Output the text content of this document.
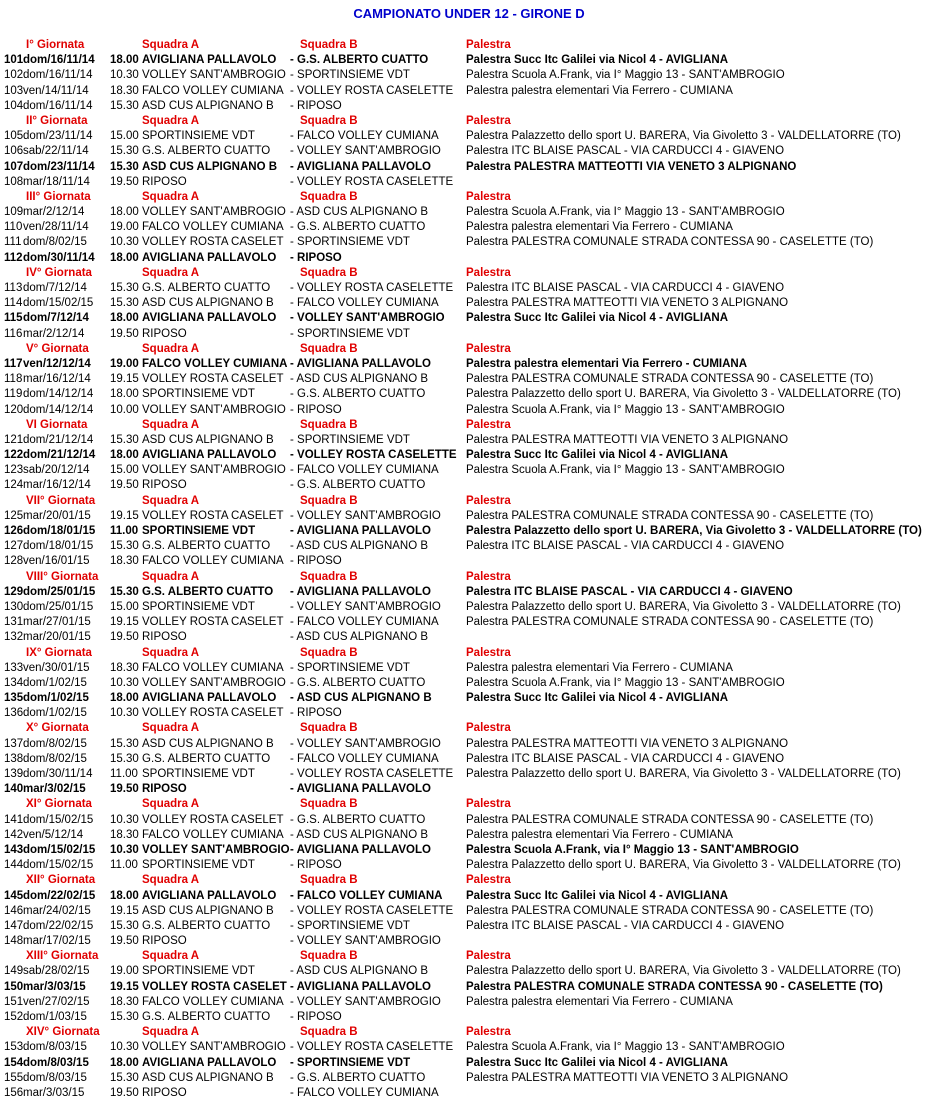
CAMPIONATO UNDER 12 - GIRONE D
I° Giornata	Squadra A	Squadra B	Palestra
101 dom/16/11/14 18.00 AVIGLIANA PALLAVOLO - G.S. ALBERTO CUATTO	Palestra Succ Itc Galilei via Nicol 4 - AVIGLIANA
102 dom/16/11/14 10.30 VOLLEY SANT'AMBROGIO - SPORTINSIEME VDT	Palestra Scuola A.Frank, via I° Maggio 13 - SANT'AMBROGIO
103 ven/14/11/14 18.30 FALCO VOLLEY CUMIANA - VOLLEY ROSTA CASELETTE Palestra palestra elementari Via Ferrero - CUMIANA
104 dom/16/11/14 15.30 ASD CUS ALPIGNANO B - RIPOSO
II° Giornata	Squadra A	Squadra B	Palestra
105 dom/23/11/14 15.00 SPORTINSIEME VDT	- FALCO VOLLEY CUMIANA Palestra Palazzetto dello sport U. BARERA, Via Givoletto 3 - VALDELLATORRE (TO)
106 sab/22/11/14 15.30 G.S. ALBERTO CUATTO - VOLLEY SANT'AMBROGIO Palestra ITC BLAISE PASCAL - VIA CARDUCCI 4 - GIAVENO
107 dom/23/11/14 15.30 ASD CUS ALPIGNANO B - AVIGLIANA PALLAVOLO	Palestra PALESTRA MATTEOTTI VIA VENETO 3 ALPIGNANO
108 mar/18/11/14 19.50 RIPOSO	- VOLLEY ROSTA CASELETTE
III° Giornata	Squadra A	Squadra B	Palestra
109 mar/2/12/14 18.00 VOLLEY SANT'AMBROGIO - ASD CUS ALPIGNANO B	Palestra Scuola A.Frank, via I° Maggio 13 - SANT'AMBROGIO
110 ven/28/11/14 19.00 FALCO VOLLEY CUMIANA - G.S. ALBERTO CUATTO	Palestra palestra elementari Via Ferrero - CUMIANA
111 dom/8/02/15 10.30 VOLLEY ROSTA CASELET - SPORTINSIEME VDT	Palestra PALESTRA COMUNALE STRADA CONTESSA 90 - CASELETTE (TO)
112 dom/30/11/14 18.00 AVIGLIANA PALLAVOLO - RIPOSO
IV° Giornata	Squadra A	Squadra B	Palestra
113 dom/7/12/14 15.30 G.S. ALBERTO CUATTO - VOLLEY ROSTA CASELETTE Palestra ITC BLAISE PASCAL - VIA CARDUCCI 4 - GIAVENO
114 dom/15/02/15 15.30 ASD CUS ALPIGNANO B - FALCO VOLLEY CUMIANA Palestra PALESTRA MATTEOTTI VIA VENETO 3 ALPIGNANO
115 dom/7/12/14 18.00 AVIGLIANA PALLAVOLO - VOLLEY SANT'AMBROGIO Palestra Succ Itc Galilei via Nicol 4 - AVIGLIANA
116 mar/2/12/14 19.50 RIPOSO	- SPORTINSIEME VDT
V° Giornata	Squadra A	Squadra B	Palestra
117 ven/12/12/14 19.00 FALCO VOLLEY CUMIANA - AVIGLIANA PALLAVOLO	Palestra palestra elementari Via Ferrero - CUMIANA
118 mar/16/12/14 19.15 VOLLEY ROSTA CASELET - ASD CUS ALPIGNANO B	Palestra PALESTRA COMUNALE STRADA CONTESSA 90 - CASELETTE (TO)
119 dom/14/12/14 18.00 SPORTINSIEME VDT	- G.S. ALBERTO CUATTO	Palestra Palazzetto dello sport U. BARERA, Via Givoletto 3 - VALDELLATORRE (TO)
120 dom/14/12/14 10.00 VOLLEY SANT'AMBROGIO - RIPOSO	Palestra Scuola A.Frank, via I° Maggio 13 - SANT'AMBROGIO
VI Giornata	Squadra A	Squadra B	Palestra
121 dom/21/12/14 15.30 ASD CUS ALPIGNANO B - SPORTINSIEME VDT	Palestra PALESTRA MATTEOTTI VIA VENETO 3 ALPIGNANO
122 dom/21/12/14 18.00 AVIGLIANA PALLAVOLO - VOLLEY ROSTA CASELETTE Palestra Succ Itc Galilei via Nicol 4 - AVIGLIANA
123 sab/20/12/14 15.00 VOLLEY SANT'AMBROGIO - FALCO VOLLEY CUMIANA Palestra Scuola A.Frank, via I° Maggio 13 - SANT'AMBROGIO
124 mar/16/12/14 19.50 RIPOSO	- G.S. ALBERTO CUATTO
VII° Giornata	Squadra A	Squadra B	Palestra
125 mar/20/01/15 19.15 VOLLEY ROSTA CASELET - VOLLEY SANT'AMBROGIO Palestra PALESTRA COMUNALE STRADA CONTESSA 90 - CASELETTE (TO)
126 dom/18/01/15 11.00 SPORTINSIEME VDT	- AVIGLIANA PALLAVOLO	Palestra Palazzetto dello sport U. BARERA, Via Givoletto 3 - VALDELLATORRE (TO)
127 dom/18/01/15 15.30 G.S. ALBERTO CUATTO - ASD CUS ALPIGNANO B	Palestra ITC BLAISE PASCAL - VIA CARDUCCI 4 - GIAVENO
128 ven/16/01/15 18.30 FALCO VOLLEY CUMIANA - RIPOSO
VIII° Giornata	Squadra A	Squadra B	Palestra
129 dom/25/01/15 15.30 G.S. ALBERTO CUATTO - AVIGLIANA PALLAVOLO	Palestra ITC BLAISE PASCAL - VIA CARDUCCI 4 - GIAVENO
130 dom/25/01/15 15.00 SPORTINSIEME VDT	- VOLLEY SANT'AMBROGIO Palestra Palazzetto dello sport U. BARERA, Via Givoletto 3 - VALDELLATORRE (TO)
131 mar/27/01/15 19.15 VOLLEY ROSTA CASELET - FALCO VOLLEY CUMIANA Palestra PALESTRA COMUNALE STRADA CONTESSA 90 - CASELETTE (TO)
132 mar/20/01/15 19.50 RIPOSO	- ASD CUS ALPIGNANO B
IX° Giornata	Squadra A	Squadra B	Palestra
133 ven/30/01/15 18.30 FALCO VOLLEY CUMIANA - SPORTINSIEME VDT	Palestra palestra elementari Via Ferrero - CUMIANA
134 dom/1/02/15 10.30 VOLLEY SANT'AMBROGIO - G.S. ALBERTO CUATTO	Palestra Scuola A.Frank, via I° Maggio 13 - SANT'AMBROGIO
135 dom/1/02/15 18.00 AVIGLIANA PALLAVOLO - ASD CUS ALPIGNANO B	Palestra Succ Itc Galilei via Nicol 4 - AVIGLIANA
136 dom/1/02/15 10.30 VOLLEY ROSTA CASELET - RIPOSO
X° Giornata	Squadra A	Squadra B	Palestra
137 dom/8/02/15 15.30 ASD CUS ALPIGNANO B - VOLLEY SANT'AMBROGIO Palestra PALESTRA MATTEOTTI VIA VENETO 3 ALPIGNANO
138 dom/8/02/15 15.30 G.S. ALBERTO CUATTO - FALCO VOLLEY CUMIANA Palestra ITC BLAISE PASCAL - VIA CARDUCCI 4 - GIAVENO
139 dom/30/11/14 11.00 SPORTINSIEME VDT	- VOLLEY ROSTA CASELETTE Palestra Palazzetto dello sport U. BARERA, Via Givoletto 3 - VALDELLATORRE (TO)
140 mar/3/02/15 19.50 RIPOSO	- AVIGLIANA PALLAVOLO
XI° Giornata	Squadra A	Squadra B	Palestra
141 dom/15/02/15 10.30 VOLLEY ROSTA CASELET - G.S. ALBERTO CUATTO	Palestra PALESTRA COMUNALE STRADA CONTESSA 90 - CASELETTE (TO)
142 ven/5/12/14 18.30 FALCO VOLLEY CUMIANA - ASD CUS ALPIGNANO B	Palestra palestra elementari Via Ferrero - CUMIANA
143 dom/15/02/15 10.30 VOLLEY SANT'AMBROGIO - AVIGLIANA PALLAVOLO	Palestra Scuola A.Frank, via I° Maggio 13 - SANT'AMBROGIO
144 dom/15/02/15 11.00 SPORTINSIEME VDT	- RIPOSO	Palestra Palazzetto dello sport U. BARERA, Via Givoletto 3 - VALDELLATORRE (TO)
XII° Giornata	Squadra A	Squadra B	Palestra
145 dom/22/02/15 18.00 AVIGLIANA PALLAVOLO - FALCO VOLLEY CUMIANA Palestra Succ Itc Galilei via Nicol 4 - AVIGLIANA
146 mar/24/02/15 19.15 ASD CUS ALPIGNANO B - VOLLEY ROSTA CASELETTE Palestra PALESTRA COMUNALE STRADA CONTESSA 90 - CASELETTE (TO)
147 dom/22/02/15 15.30 G.S. ALBERTO CUATTO - SPORTINSIEME VDT	Palestra ITC BLAISE PASCAL - VIA CARDUCCI 4 - GIAVENO
148 mar/17/02/15 19.50 RIPOSO	- VOLLEY SANT'AMBROGIO
XIII° Giornata	Squadra A	Squadra B	Palestra
149 sab/28/02/15 19.00 SPORTINSIEME VDT	- ASD CUS ALPIGNANO B	Palestra Palazzetto dello sport U. BARERA, Via Givoletto 3 - VALDELLATORRE (TO)
150 mar/3/03/15 19.15 VOLLEY ROSTA CASELET - AVIGLIANA PALLAVOLO	Palestra PALESTRA COMUNALE STRADA CONTESSA 90 - CASELETTE (TO)
151 ven/27/02/15 18.30 FALCO VOLLEY CUMIANA - VOLLEY SANT'AMBROGIO Palestra palestra elementari Via Ferrero - CUMIANA
152 dom/1/03/15 15.30 G.S. ALBERTO CUATTO - RIPOSO
XIV° Giornata	Squadra A	Squadra B	Palestra
153 dom/8/03/15 10.30 VOLLEY SANT'AMBROGIO - VOLLEY ROSTA CASELETTE Palestra Scuola A.Frank, via I° Maggio 13 - SANT'AMBROGIO
154 dom/8/03/15 18.00 AVIGLIANA PALLAVOLO - SPORTINSIEME VDT	Palestra Succ Itc Galilei via Nicol 4 - AVIGLIANA
155 dom/8/03/15 15.30 ASD CUS ALPIGNANO B - G.S. ALBERTO CUATTO	Palestra PALESTRA MATTEOTTI VIA VENETO 3 ALPIGNANO
156 mar/3/03/15 19.50 RIPOSO	- FALCO VOLLEY CUMIANA
